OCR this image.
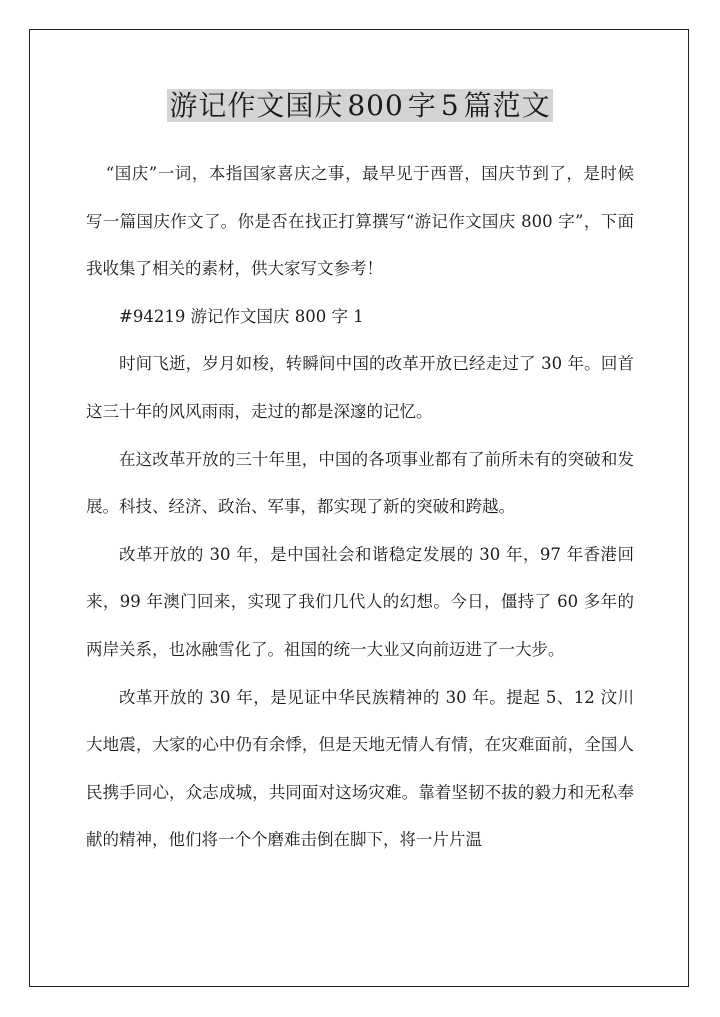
游记作文国庆 800 字 5 篇范文

“国庆”一词，本指国家喜庆之事，最早见于西晋，国庆节到了，是时候写一篇国庆作文了。你是否在找正打算撰写“游记作文国庆 800 字”，下面我收集了相关的素材，供大家写文参考！

#94219 游记作文国庆 800 字 1

时间飞逝，岁月如梭，转瞬间中国的改革开放已经走过了 30 年。回首这三十年的风风雨雨，走过的都是深邃的记忆。

在这改革开放的三十年里，中国的各项事业都有了前所未有的突破和发展。科技、经济、政治、军事，都实现了新的突破和跨越。

改革开放的 30 年，是中国社会和谐稳定发展的 30 年，97 年香港回来，99 年澳门回来，实现了我们几代人的幻想。今日，僵持了 60 多年的两岸关系，也冰融雪化了。祖国的统一大业又向前迈进了一大步。

改革开放的 30 年，是见证中华民族精神的 30 年。提起 5、12 汶川大地震，大家的心中仍有余悸，但是天地无情人有情，在灾难面前，全国人民携手同心，众志成城，共同面对这场灾难。靠着坚韧不拔的毅力和无私奉献的精神，他们将一个个磨难击倒在脚下，将一片片温
